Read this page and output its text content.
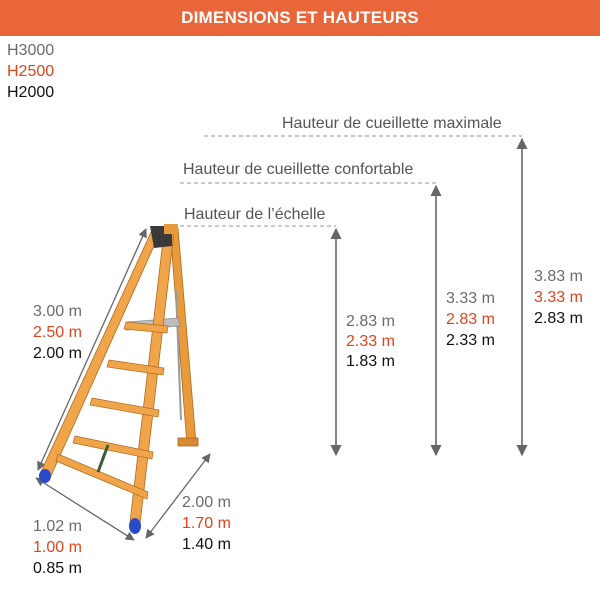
DIMENSIONS ET HAUTEURS
H3000
H2500
H2000
Hauteur de cueillette maximale
Hauteur de cueillette confortable
Hauteur de l’échelle
2.83 m
2.33 m
1.83 m
3.33 m
2.83 m
2.33 m
3.83 m
3.33 m
2.83 m
3.00 m
2.50 m
2.00 m
1.02 m
1.00 m
0.85 m
2.00 m
1.70 m
1.40 m
